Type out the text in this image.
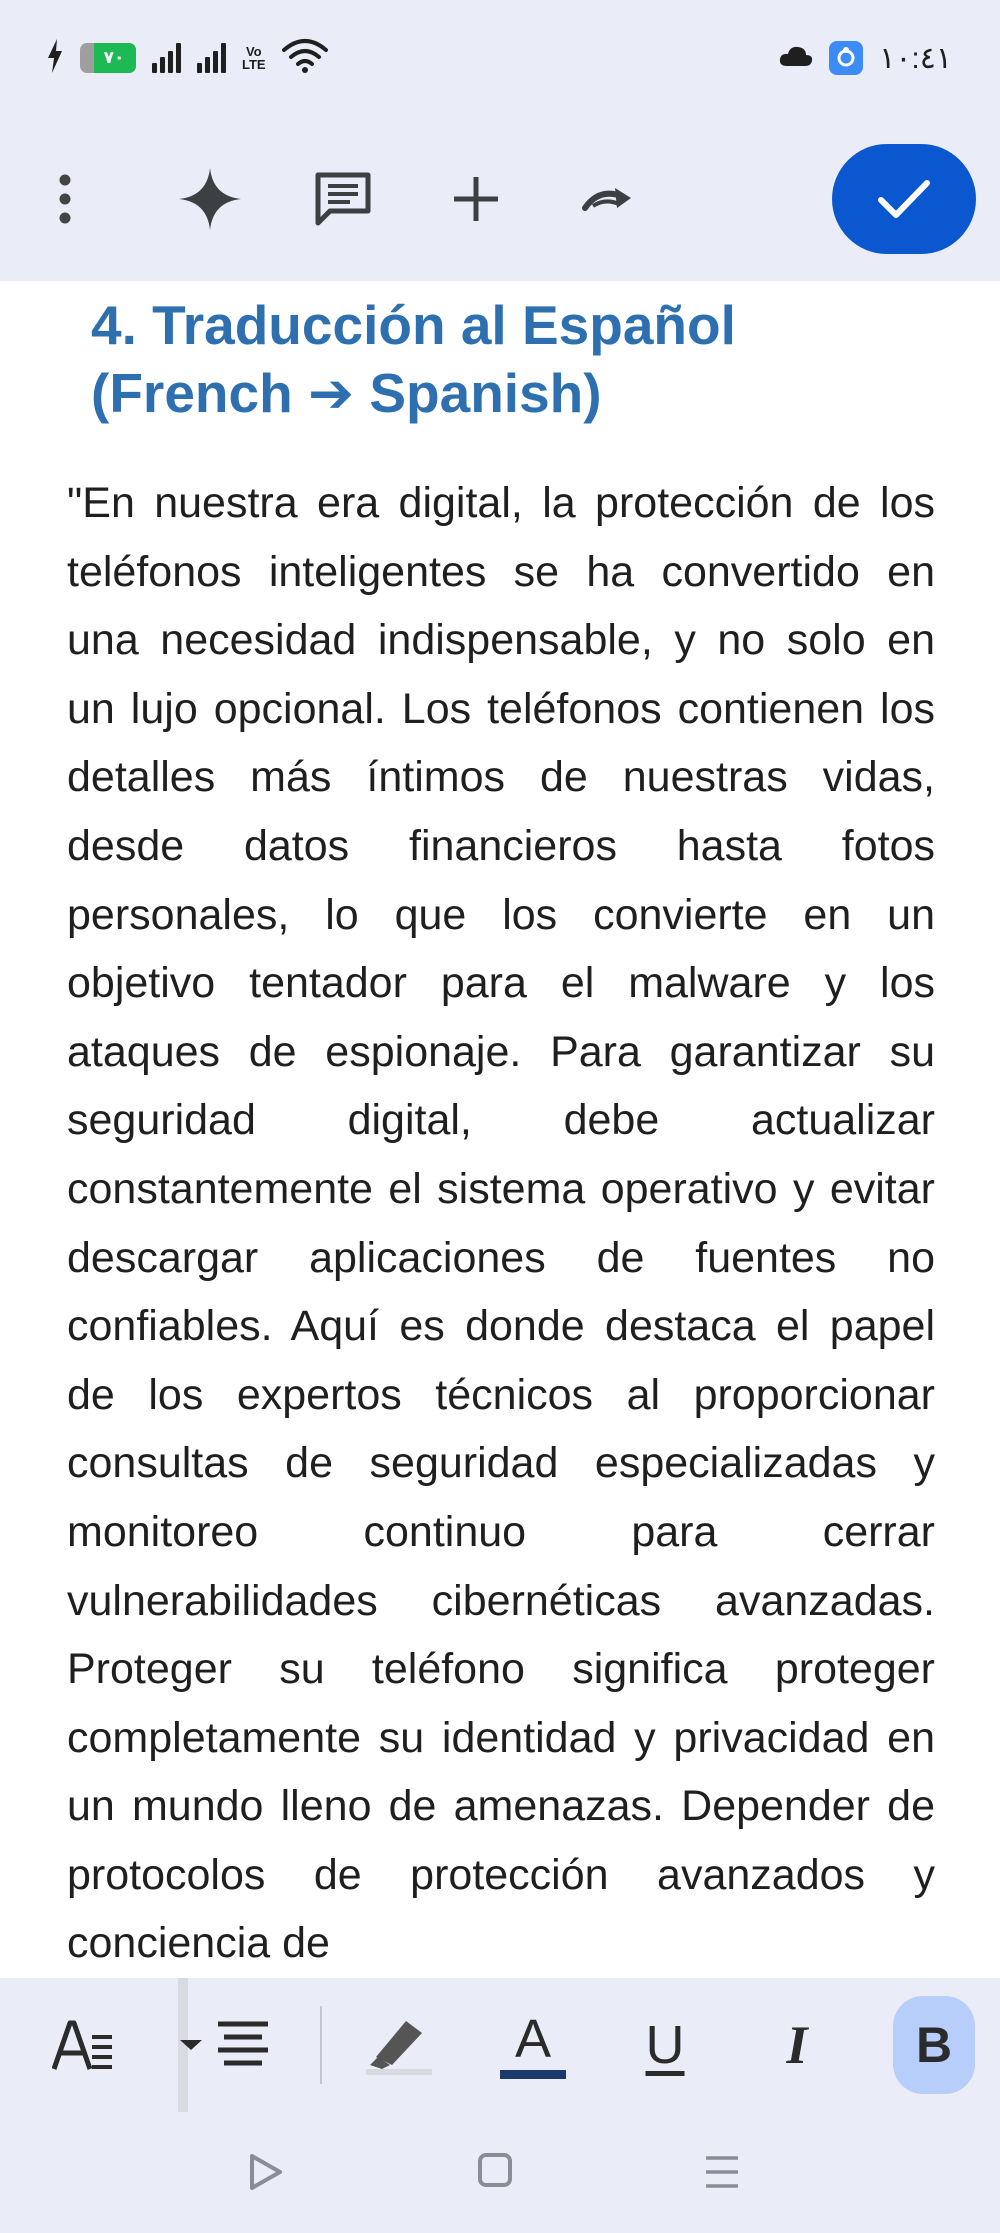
٧٠	Vo
LTE	١٠:٤١
4. Traducción al Español (French ➔ Spanish)

"En nuestra era digital, la protección de los teléfonos inteligentes se ha convertido en una necesidad indispensable, y no solo en un lujo opcional. Los teléfonos contienen los detalles más íntimos de nuestras vidas, desde datos financieros hasta fotos personales, lo que los convierte en un objetivo tentador para el malware y los ataques de espionaje. Para garantizar su seguridad digital, debe actualizar constantemente el sistema operativo y evitar descargar aplicaciones de fuentes no confiables. Aquí es donde destaca el papel de los expertos técnicos al proporcionar consultas de seguridad especializadas y monitoreo continuo para cerrar vulnerabilidades cibernéticas avanzadas. Proteger su teléfono significa proteger completamente su identidad y privacidad en un mundo lleno de amenazas. Depender de protocolos de protección avanzados y conciencia de

A U I B
